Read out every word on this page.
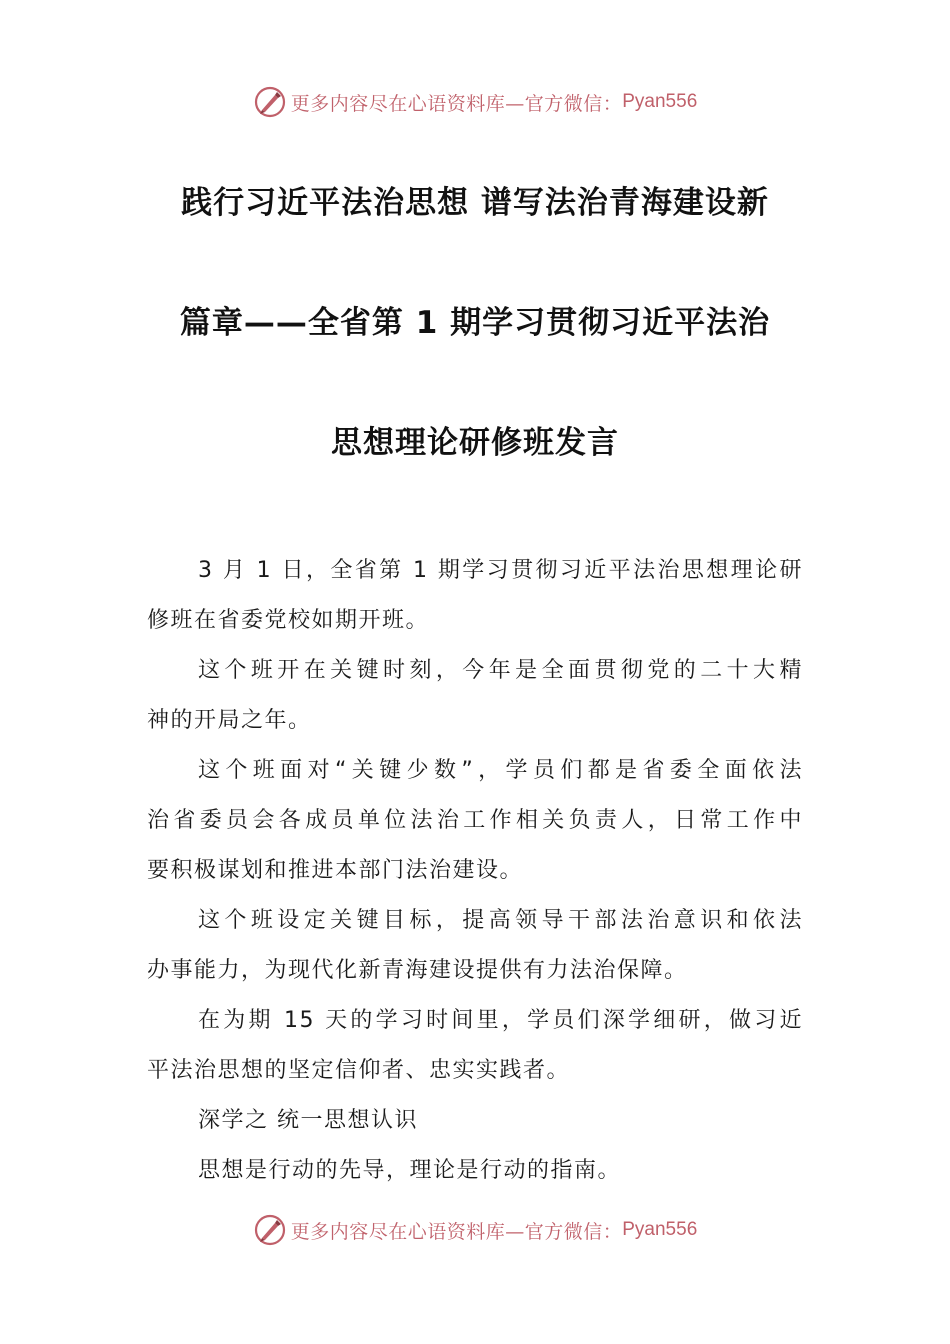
更多内容尽在心语资料库—官方微信： Pyan556
践行习近平法治思想 谱写法治青海建设新
篇章——全省第 1 期学习贯彻习近平法治
思想理论研修班发言
3 月 1 日，全省第 1 期学习贯彻习近平法治思想理论研
修班在省委党校如期开班。
这个班开在关键时刻，今年是全面贯彻党的二十大精
神的开局之年。
这个班面对“关键少数”，学员们都是省委全面依法
治省委员会各成员单位法治工作相关负责人，日常工作中
要积极谋划和推进本部门法治建设。
这个班设定关键目标，提高领导干部法治意识和依法
办事能力，为现代化新青海建设提供有力法治保障。
在为期 15 天的学习时间里，学员们深学细研，做习近
平法治思想的坚定信仰者、忠实实践者。
深学之 统一思想认识
思想是行动的先导，理论是行动的指南。
更多内容尽在心语资料库—官方微信： Pyan556
